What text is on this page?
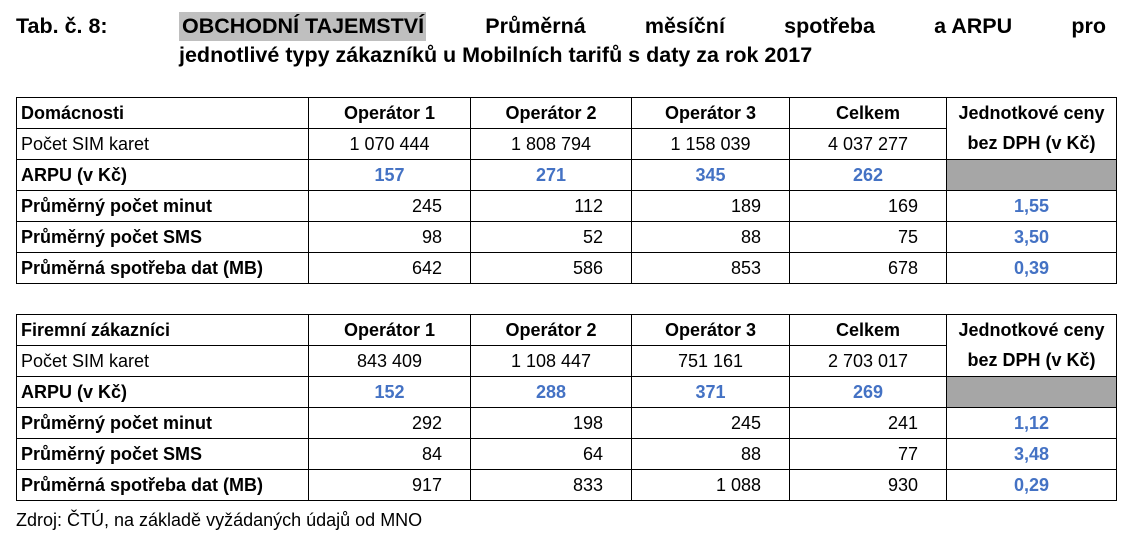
Tab. č. 8:	OBCHODNÍ TAJEMSTVÍ	Průměrná	měsíční	spotřeba	a ARPU	pro
jednotlivé typy zákazníků u Mobilních tarifů s daty za rok 2017
Domácnosti	Operátor 1	Operátor 2	Operátor 3	Celkem	Jednotkové ceny
Počet SIM karet	1 070 444	1 808 794	1 158 039	4 037 277	bez DPH (v Kč)
ARPU (v Kč)	157	271	345	262	
Průměrný počet minut	245	112	189	169	1,55
Průměrný počet SMS	98	52	88	75	3,50
Průměrná spotřeba dat (MB)	642	586	853	678	0,39
Firemní zákazníci	Operátor 1	Operátor 2	Operátor 3	Celkem	Jednotkové ceny
Počet SIM karet	843 409	1 108 447	751 161	2 703 017	bez DPH (v Kč)
ARPU (v Kč)	152	288	371	269	
Průměrný počet minut	292	198	245	241	1,12
Průměrný počet SMS	84	64	88	77	3,48
Průměrná spotřeba dat (MB)	917	833	1 088	930	0,29
Zdroj: ČTÚ, na základě vyžádaných údajů od MNO
